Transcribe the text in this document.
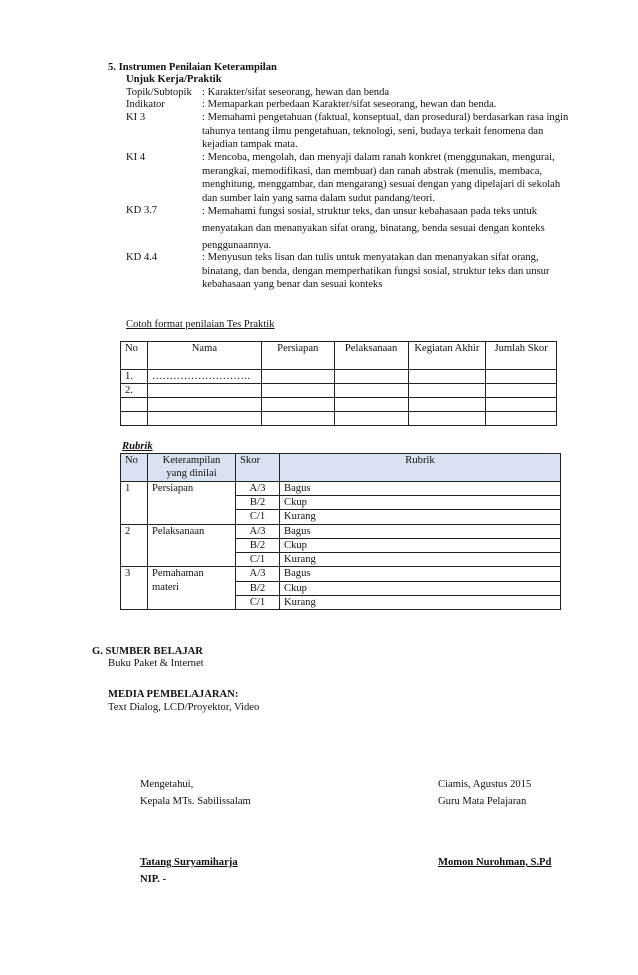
5. Instrumen Penilaian Keterampilan
Unjuk Kerja/Praktik
Topik/Subtopik : Karakter/sifat seseorang, hewan dan benda
Indikator	: Memaparkan perbedaan Karakter/sifat seseorang, hewan dan benda.
KI 3	: Memahami pengetahuan (faktual, konseptual, dan prosedural) berdasarkan rasa ingin tahunya tentang ilmu pengetahuan, teknologi, seni, budaya terkait fenomena dan kejadian tampak mata.
KI 4	: Mencoba, mengolah, dan menyaji dalam ranah konkret (menggunakan, mengurai, merangkai, memodifikasi, dan membuat) dan ranah abstrak (menulis, membaca, menghitung, menggambar, dan mengarang) sesuai dengan yang dipelajari di sekolah dan sumber lain yang sama dalam sudut pandang/teori.
KD 3.7	: Memahami fungsi sosial, struktur teks, dan unsur kebahasaan pada teks untuk menyatakan dan menanyakan sifat orang, binatang, benda sesuai dengan konteks penggunaannya.
KD 4.4	: Menyusun teks lisan dan tulis untuk menyatakan dan menanyakan sifat orang, binatang, dan benda, dengan memperhatikan fungsi sosial, struktur teks dan unsur kebahasaan yang benar dan sesuai konteks
Cotoh format penilaian Tes Praktik
No	Nama	Persiapan	Pelaksanaan	Kegiatan Akhir	Jumlah Skor
1.	……………………….				
2.					

Rubrik
No	Keterampilan yang dinilai	Skor	Rubrik
1	Persiapan	A/3	Bagus
		B/2	Ckup
		C/1	Kurang
2	Pelaksanaan	A/3	Bagus
		B/2	Ckup
		C/1	Kurang
3	Pemahaman materi	A/3	Bagus
		B/2	Ckup
		C/1	Kurang
G. SUMBER BELAJAR
Buku Paket & Internet
MEDIA PEMBELAJARAN:
Text Dialog, LCD/Proyektor, Video
Mengetahui,
Kepala MTs. Sabilissalam
Tatang Suryamiharja
NIP. -
Ciamis, Agustus 2015
Guru Mata Pelajaran
Momon Nurohman, S.Pd
